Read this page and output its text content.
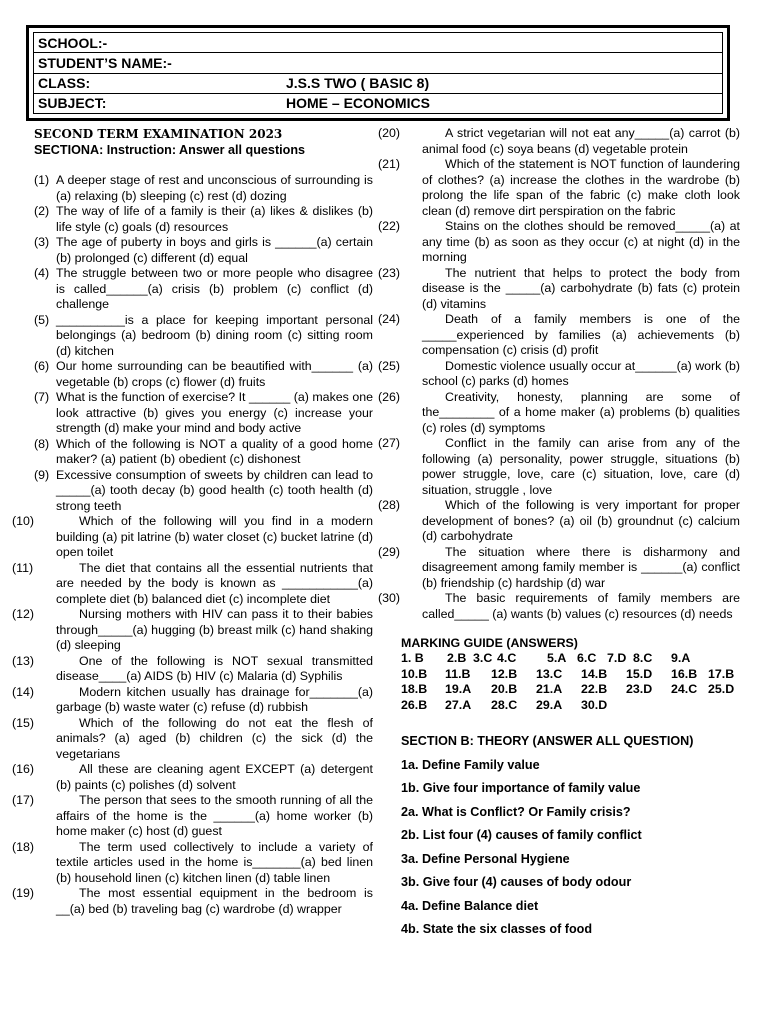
SCHOOL:-
STUDENT’S NAME:-
CLASS:	J.S.S TWO ( BASIC 8)
SUBJECT:	HOME – ECONOMICS
SECOND TERM EXAMINATION 2023
SECTIONA: Instruction: Answer all questions
(1) A deeper stage of rest and unconscious of surrounding is (a) relaxing (b) sleeping (c) rest (d) dozing
(2) The way of life of a family is their (a) likes & dislikes (b) life style (c) goals (d) resources
(3) The age of puberty in boys and girls is ______(a) certain (b) prolonged (c) different (d) equal
(4) The struggle between two or more people who disagree is called______(a) crisis (b) problem (c) conflict (d) challenge
(5) __________is a place for keeping important personal belongings (a) bedroom (b) dining room (c) sitting room (d) kitchen
(6) Our home surrounding can be beautified with______ (a) vegetable (b) crops (c) flower (d) fruits
(7) What is the function of exercise? It ______ (a) makes one look attractive (b) gives you energy (c) increase your strength (d) make your mind and body active
(8) Which of the following is NOT a quality of a good home maker? (a) patient (b) obedient (c) dishonest
(9) Excessive consumption of sweets by children can lead to _____(a) tooth decay (b) good health (c) tooth health (d) strong teeth
(10)	Which of the following will you find in a modern building (a) pit latrine (b) water closet (c) bucket latrine (d) open toilet
(11)	The diet that contains all the essential nutrients that are needed by the body is known as ___________(a) complete diet (b) balanced diet (c) incomplete diet
(12)	Nursing mothers with HIV can pass it to their babies through_____(a) hugging (b) breast milk (c) hand shaking (d) sleeping
(13)	One of the following is NOT sexual transmitted disease____(a) AIDS (b) HIV (c) Malaria (d) Syphilis
(14)	Modern kitchen usually has drainage for_______(a) garbage (b) waste water (c) refuse (d) rubbish
(15)	Which of the following do not eat the flesh of animals? (a) aged (b) children (c) the sick (d) the vegetarians
(16)	All these are cleaning agent EXCEPT (a) detergent (b) paints (c) polishes (d) solvent
(17)	The person that sees to the smooth running of all the affairs of the home is the ______(a) home worker (b) home maker (c) host (d) guest
(18)	The term used collectively to include a variety of textile articles used in the home is_______(a) bed linen (b) household linen (c) kitchen linen (d) table linen
(19)	The most essential equipment in the bedroom is __(a) bed (b) traveling bag (c) wardrobe (d) wrapper
(20)	A strict vegetarian will not eat any_____(a) carrot (b) animal food (c) soya beans (d) vegetable protein
(21)	Which of the statement is NOT function of laundering of clothes? (a) increase the clothes in the wardrobe (b) prolong the life span of the fabric (c) make cloth look clean (d) remove dirt perspiration on the fabric
(22)	Stains on the clothes should be removed_____(a) at any time (b) as soon as they occur (c) at night (d) in the morning
(23)	The nutrient that helps to protect the body from disease is the _____(a) carbohydrate (b) fats (c) protein (d) vitamins
(24)	Death of a family members is one of the _____experienced by families (a) achievements (b) compensation (c) crisis (d) profit
(25)	Domestic violence usually occur at______(a) work (b) school (c) parks (d) homes
(26)	Creativity, honesty, planning are some of the________ of a home maker (a) problems (b) qualities (c) roles (d) symptoms
(27)	Conflict in the family can arise from any of the following (a) personality, power struggle, situations (b) power struggle, love, care (c) situation, love, care (d) situation, struggle , love
(28)	Which of the following is very important for proper development of bones? (a) oil (b) groundnut (c) calcium (d) carbohydrate
(29)	The situation where there is disharmony and disagreement among family member is ______(a) conflict (b) friendship (c) hardship (d) war
(30)	The basic requirements of family members are called_____ (a) wants (b) values (c) resources (d) needs
MARKING GUIDE (ANSWERS)
1. B 2.B 3.C 4.C 5.A 6.C 7.D 8.C 9.A
10.B 11.B 12.B 13.C 14.B 15.D 16.B 17.B
18.B 19.A 20.B 21.A 22.B 23.D 24.C 25.D
26.B 27.A 28.C 29.A 30.D
SECTION B: THEORY (ANSWER ALL QUESTION)
1a. Define Family value
1b. Give four importance of family value
2a. What is Conflict? Or Family crisis?
2b. List four (4) causes of family conflict
3a. Define Personal Hygiene
3b. Give four (4) causes of body odour
4a. Define Balance diet
4b. State the six classes of food
